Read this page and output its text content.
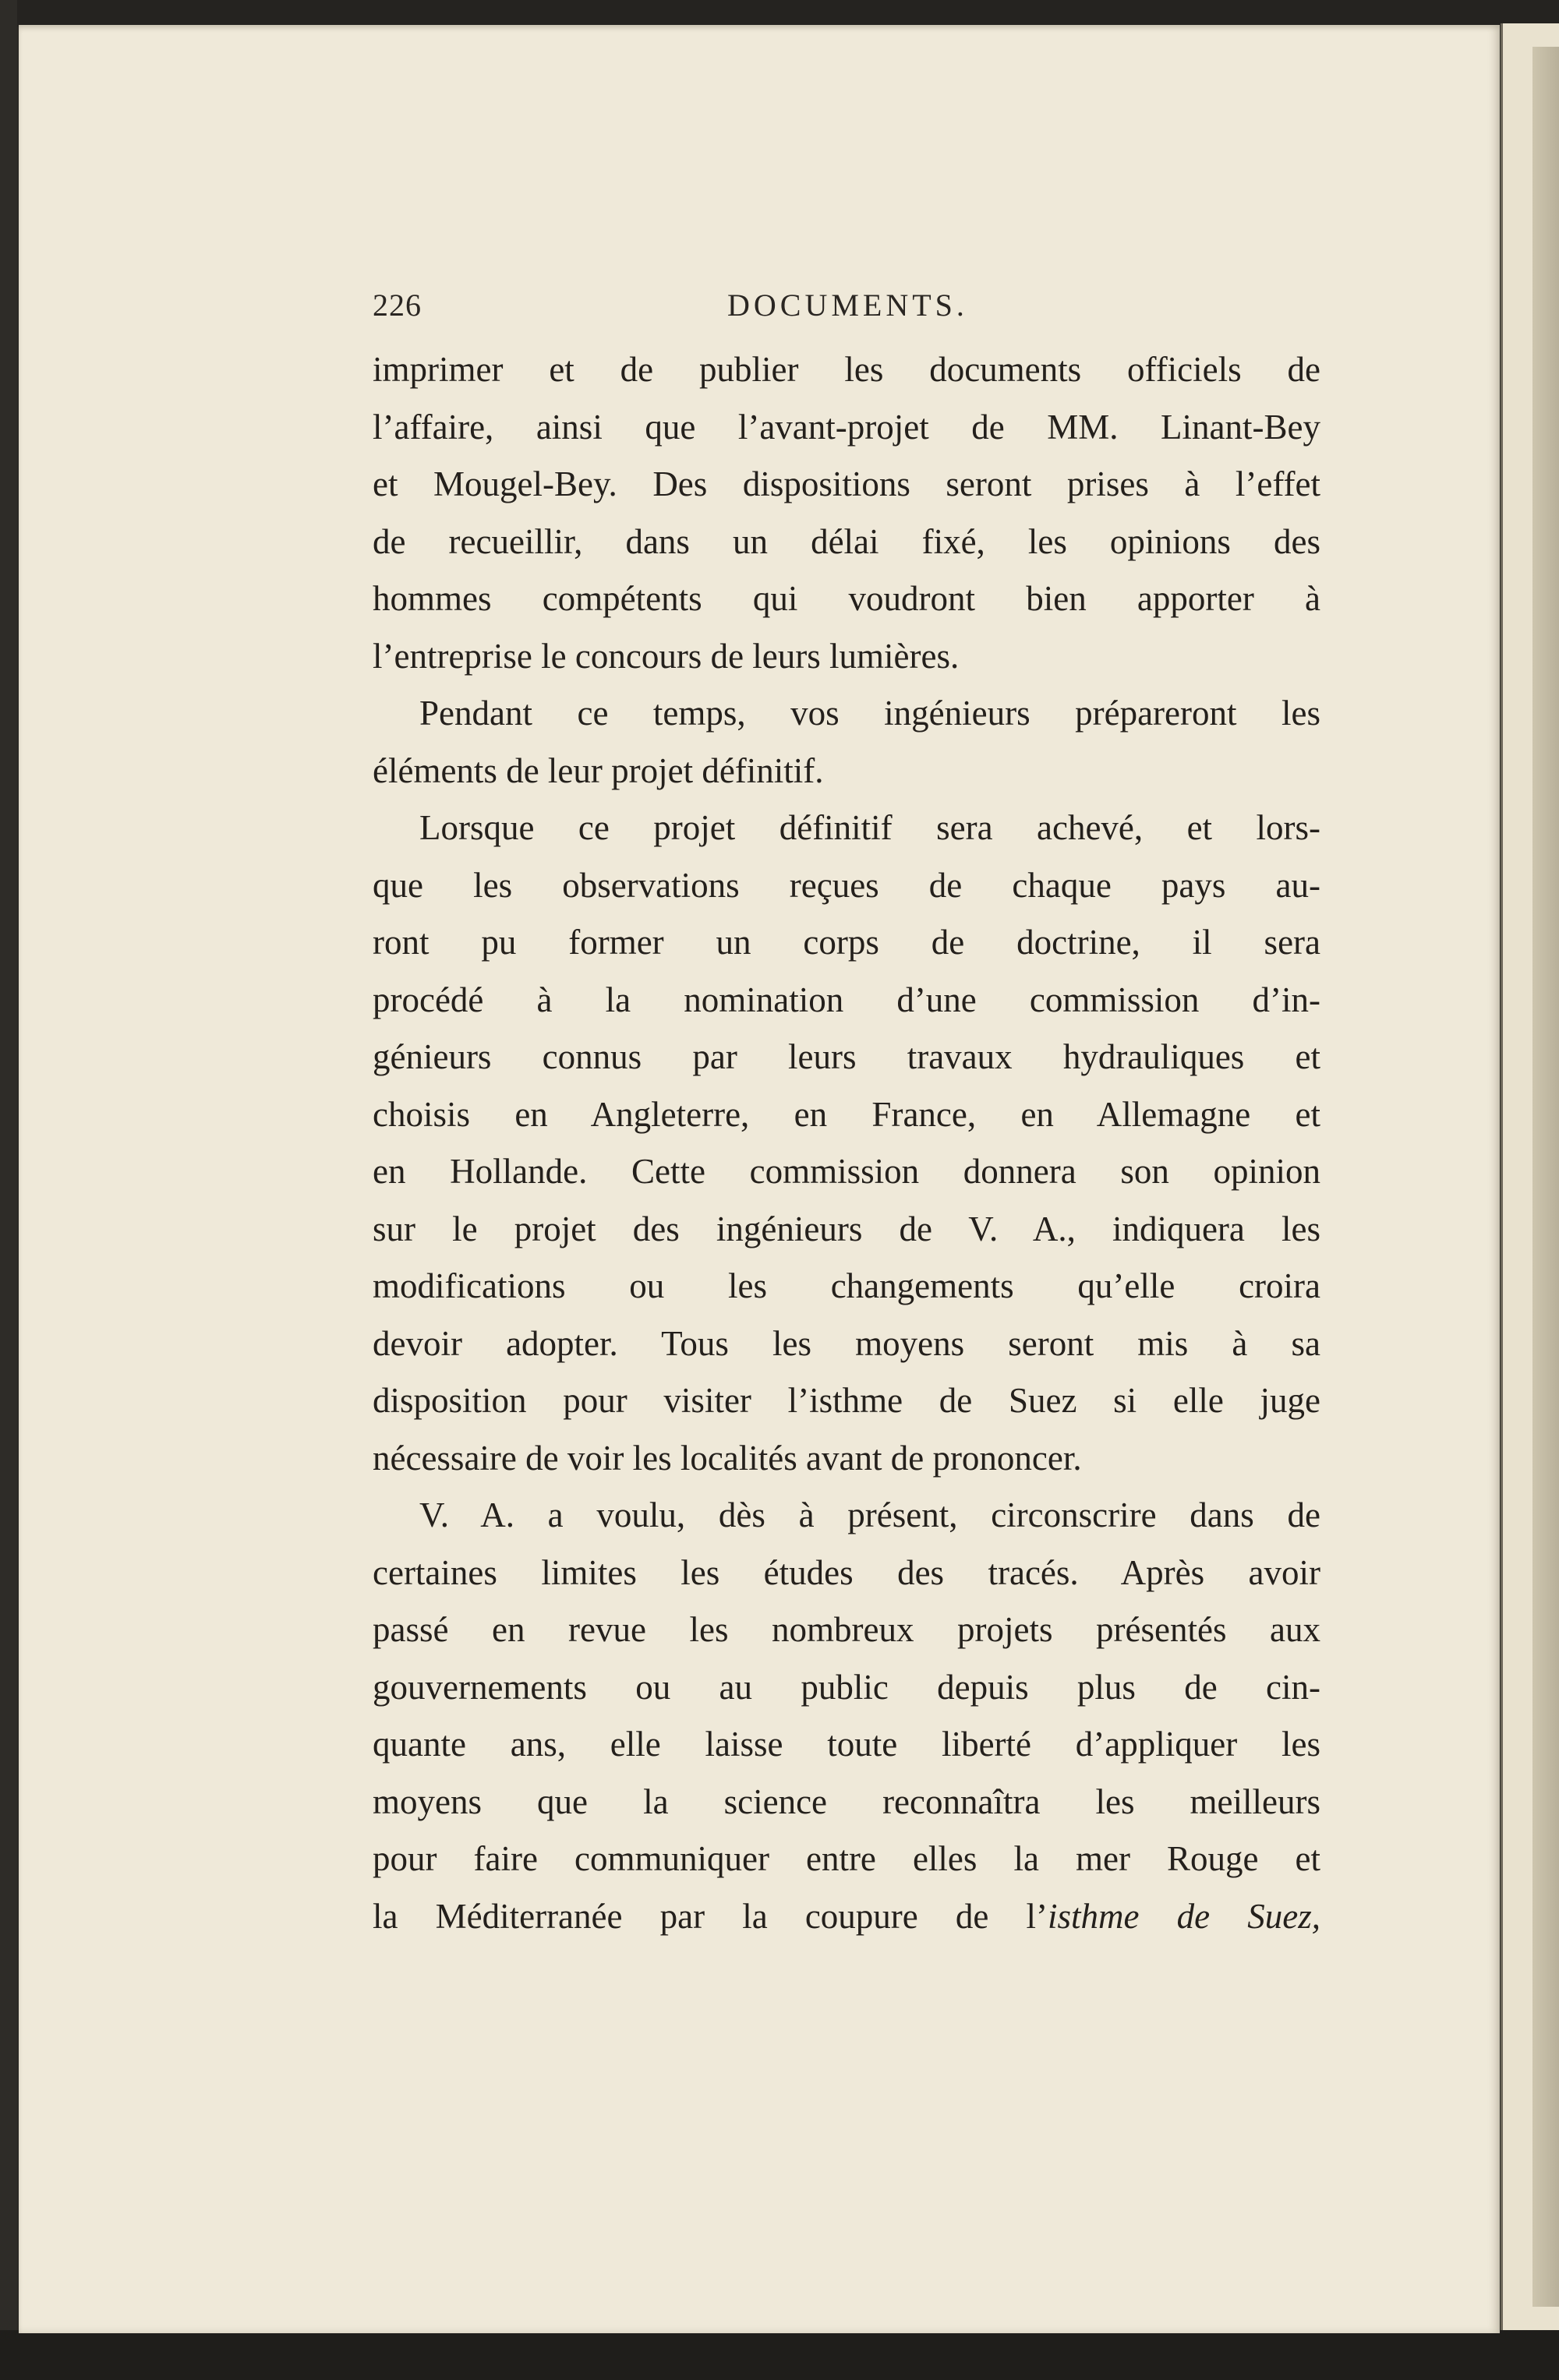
226	DOCUMENTS.
imprimer et de publier les documents officiels de
l’affaire, ainsi que l’avant-projet de MM. Linant-Bey
et Mougel-Bey. Des dispositions seront prises à l’effet
de recueillir, dans un délai fixé, les opinions des
hommes compétents qui voudront bien apporter à
l’entreprise le concours de leurs lumières.
Pendant ce temps, vos ingénieurs prépareront les
éléments de leur projet définitif.
Lorsque ce projet définitif sera achevé, et lors-
que les observations reçues de chaque pays au-
ront pu former un corps de doctrine, il sera
procédé à la nomination d’une commission d’in-
génieurs connus par leurs travaux hydrauliques et
choisis en Angleterre, en France, en Allemagne et
en Hollande. Cette commission donnera son opinion
sur le projet des ingénieurs de V. A., indiquera les
modifications ou les changements qu’elle croira
devoir adopter. Tous les moyens seront mis à sa
disposition pour visiter l’isthme de Suez si elle juge
nécessaire de voir les localités avant de prononcer.
V. A. a voulu, dès à présent, circonscrire dans de
certaines limites les études des tracés. Après avoir
passé en revue les nombreux projets présentés aux
gouvernements ou au public depuis plus de cin-
quante ans, elle laisse toute liberté d’appliquer les
moyens que la science reconnaîtra les meilleurs
pour faire communiquer entre elles la mer Rouge et
la Méditerranée par la coupure de l’isthme de Suez,
